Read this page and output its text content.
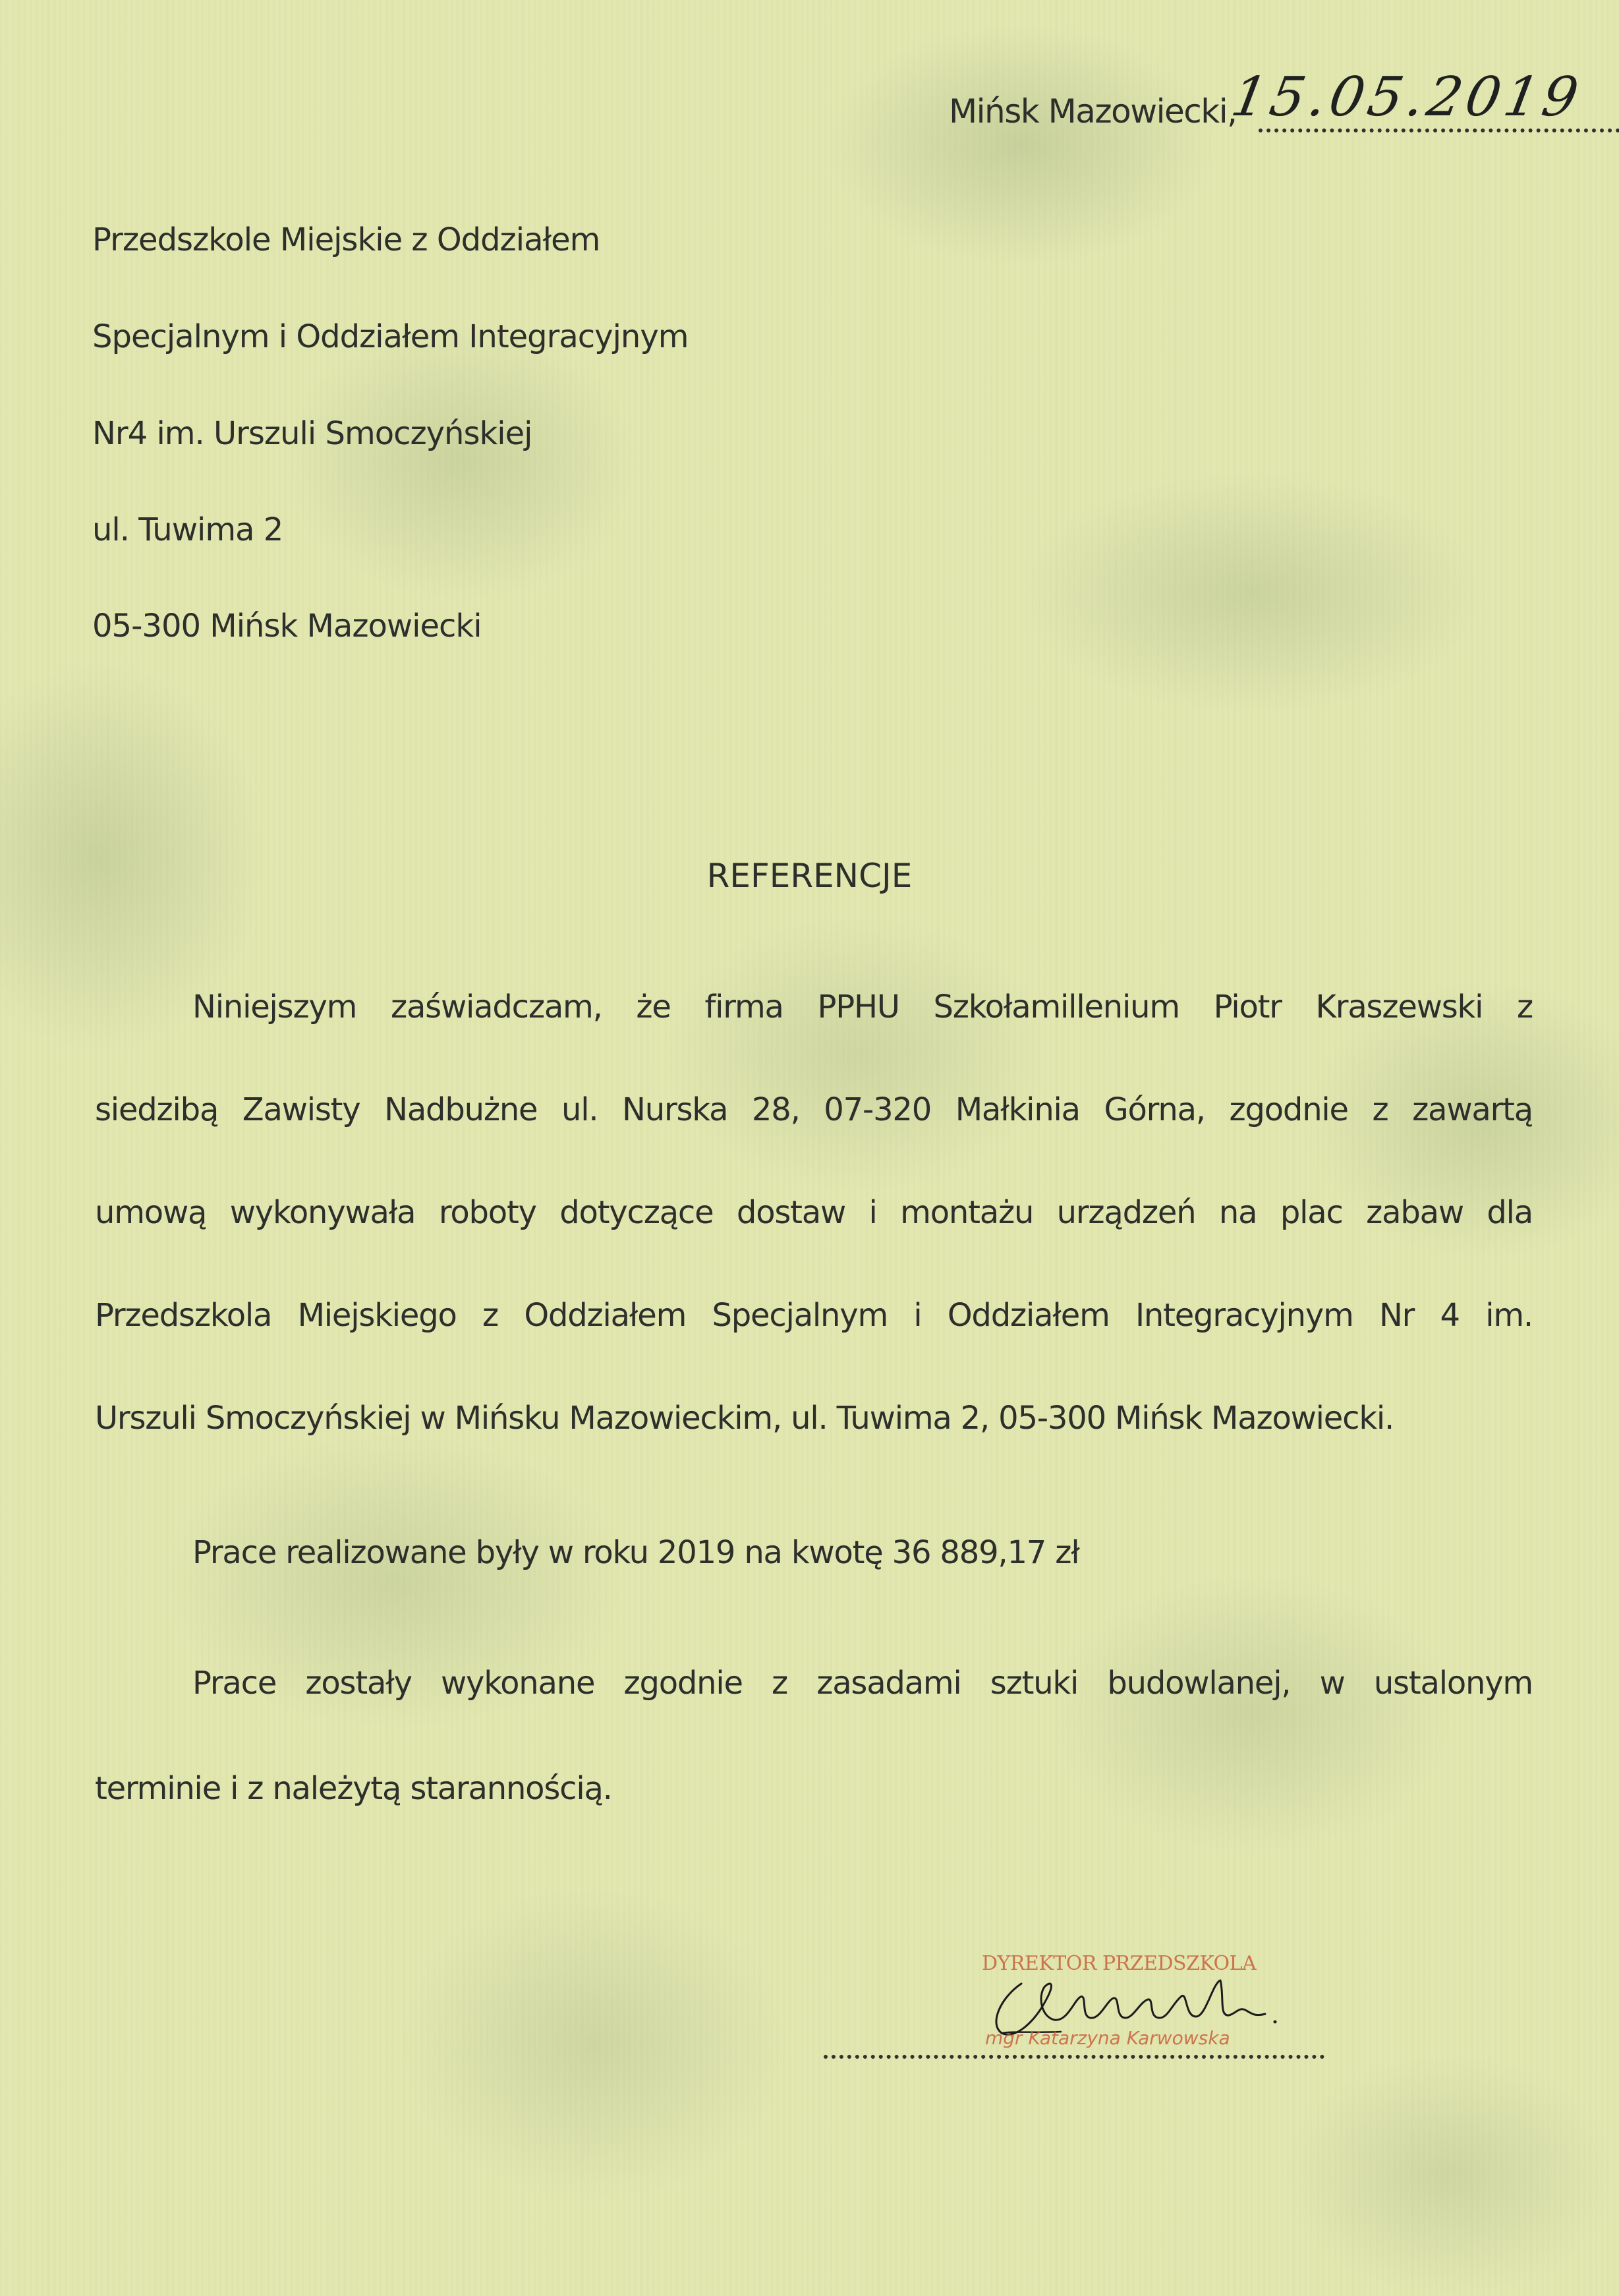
Mińsk Mazowiecki,
15.05.2019
Przedszkole Miejskie z Oddziałem
Specjalnym i Oddziałem Integracyjnym
Nr4 im. Urszuli Smoczyńskiej
ul. Tuwima 2
05-300 Mińsk Mazowiecki
REFERENCJE
Niniejszym zaświadczam, że firma PPHU Szkołamillenium Piotr Kraszewski z
siedzibą Zawisty Nadbużne ul. Nurska 28, 07-320 Małkinia Górna, zgodnie z zawartą
umową wykonywała roboty dotyczące dostaw i montażu urządzeń na plac zabaw dla
Przedszkola Miejskiego z Oddziałem Specjalnym i Oddziałem Integracyjnym Nr 4 im.
Urszuli Smoczyńskiej w Mińsku Mazowieckim, ul. Tuwima 2, 05-300 Mińsk Mazowiecki.
Prace realizowane były w roku 2019 na kwotę 36 889,17 zł
Prace zostały wykonane zgodnie z zasadami sztuki budowlanej, w ustalonym
terminie i z należytą starannością.
DYREKTOR PRZEDSZKOLA
mgr Katarzyna Karwowska
